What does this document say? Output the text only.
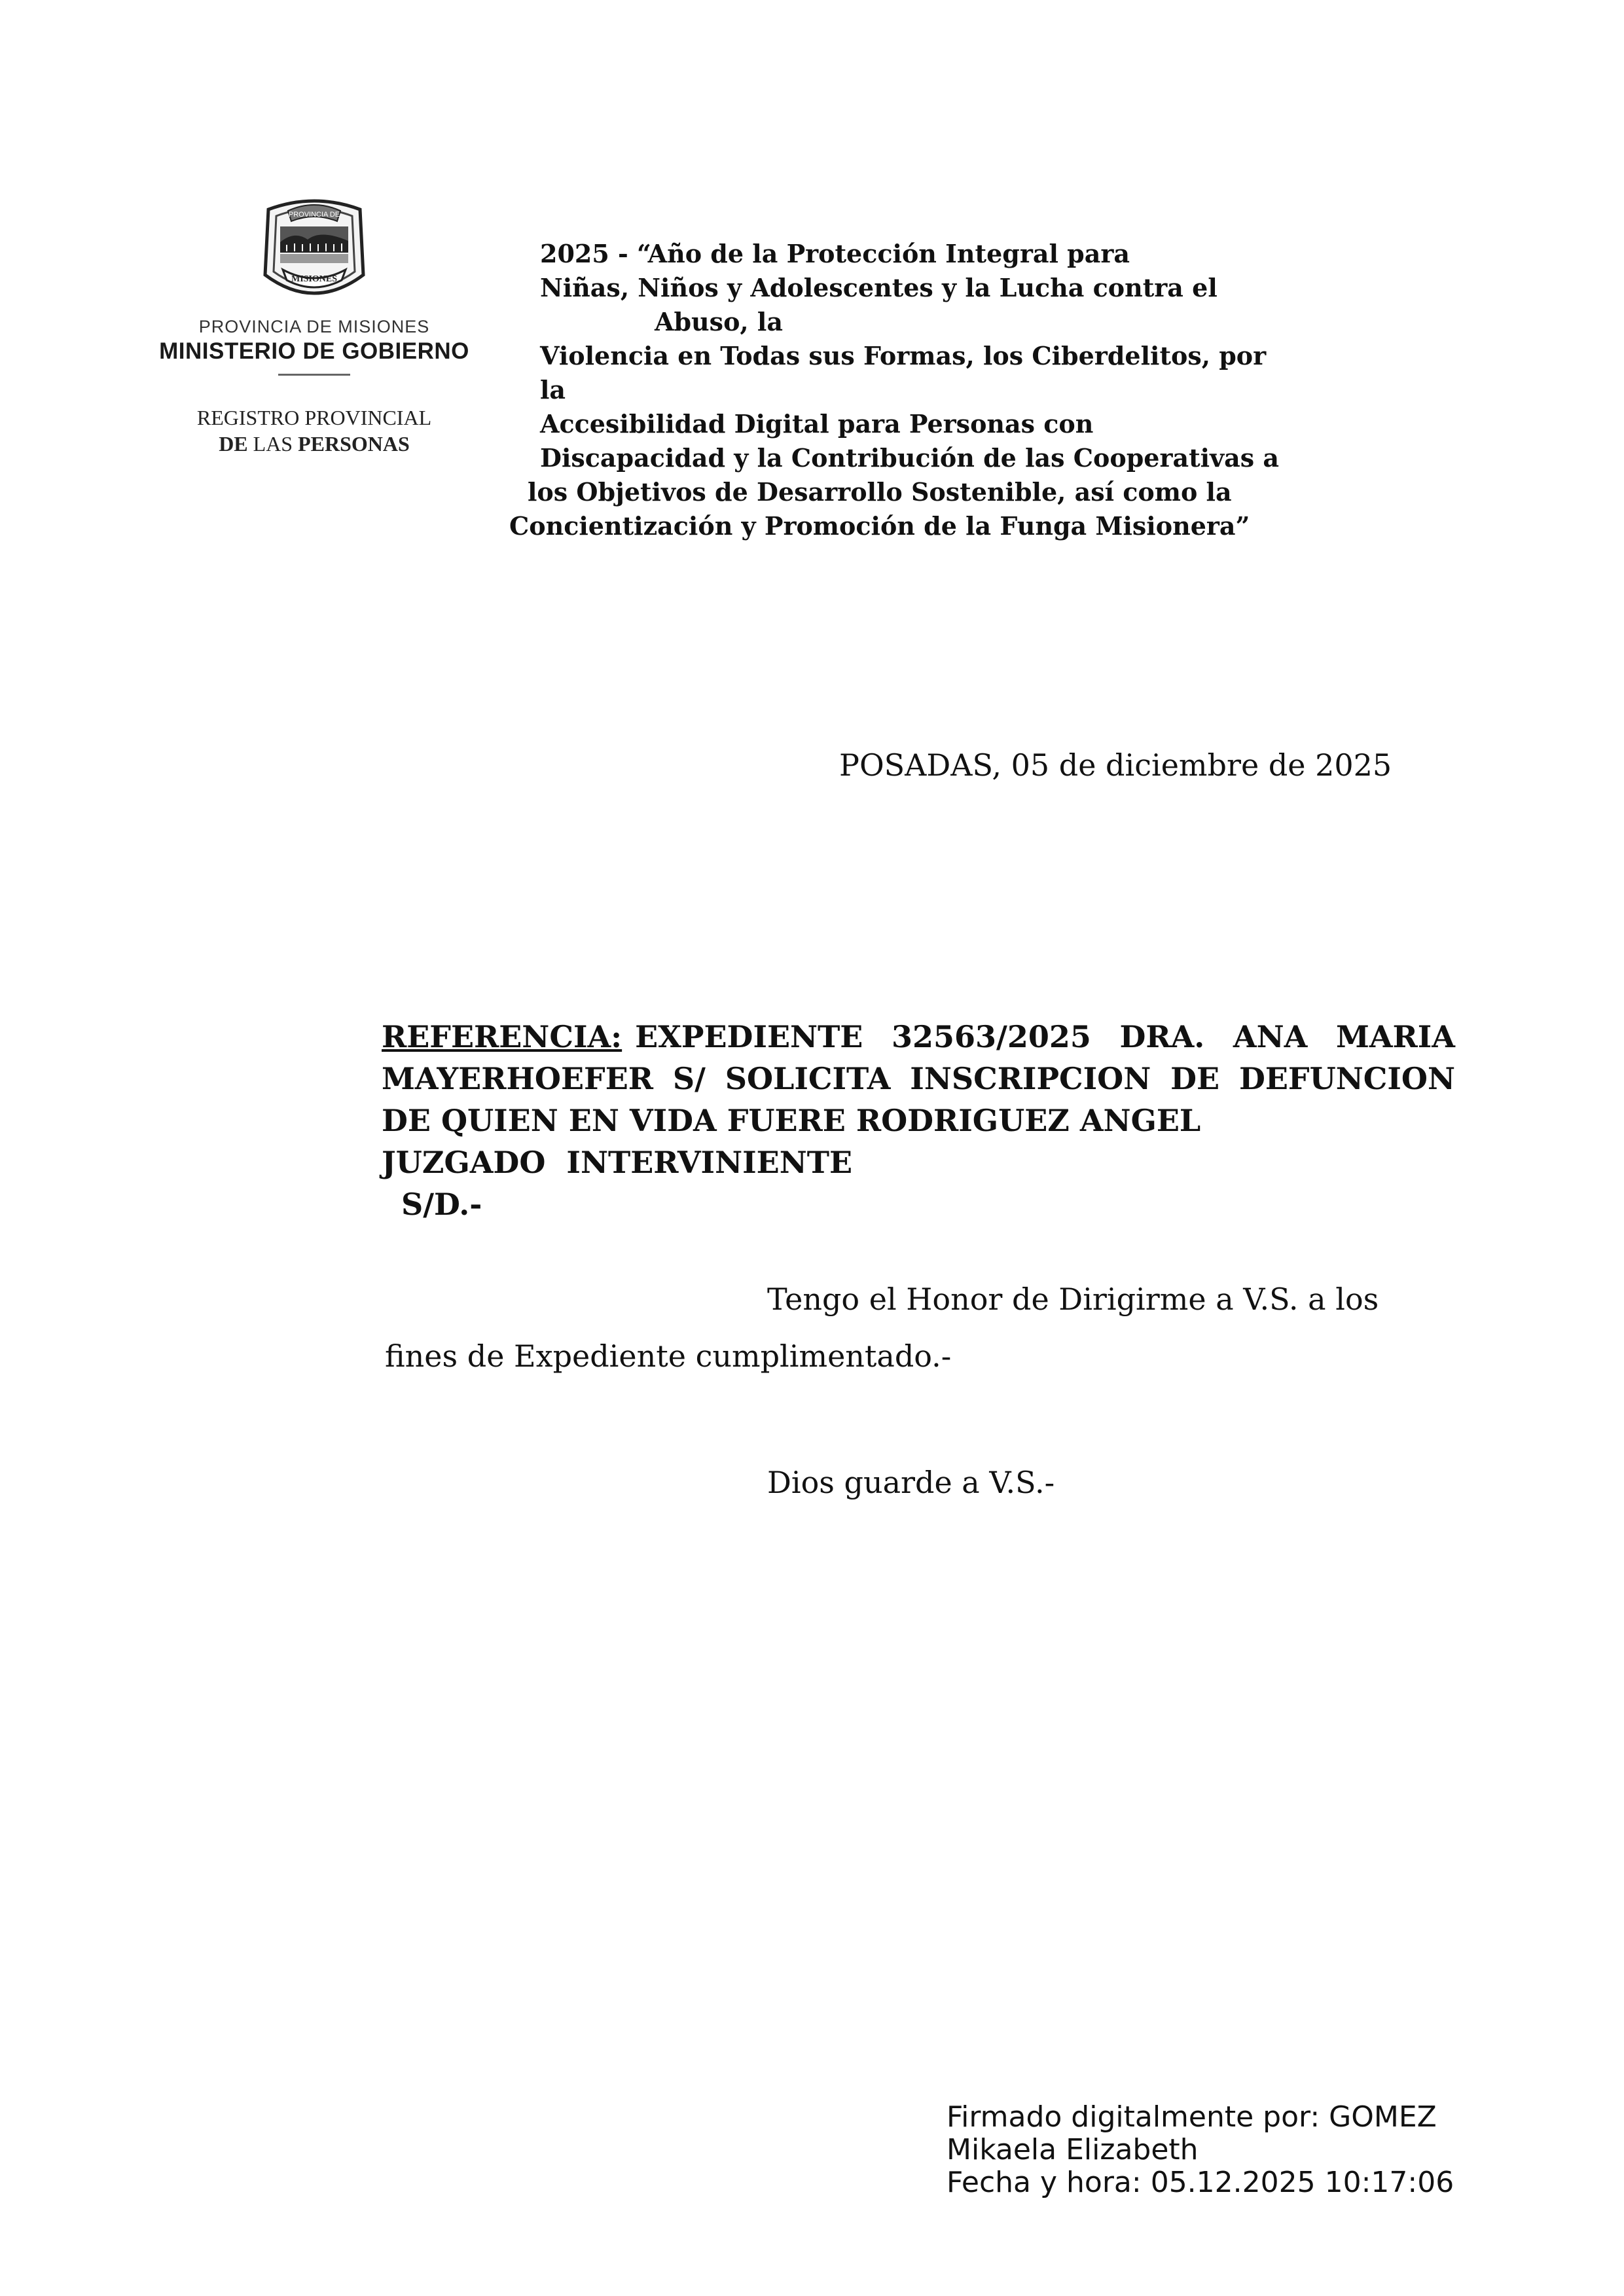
PROVINCIA DE
MISIONES
PROVINCIA DE MISIONES
MINISTERIO DE GOBIERNO
REGISTRO PROVINCIAL
DE LAS PERSONAS
2025 - “Año de la Protección Integral para
Niñas, Niños y Adolescentes y la Lucha contra el
Abuso, la
Violencia en Todas sus Formas, los Ciberdelitos, por
la
Accesibilidad Digital para Personas con
Discapacidad y la Contribución de las Cooperativas a
los Objetivos de Desarrollo Sostenible, así como la
Concientización y Promoción de la Funga Misionera”
POSADAS, 05 de diciembre de 2025
REFERENCIA: EXPEDIENTE 32563/2025 DRA. ANA MARIA
MAYERHOEFER S/ SOLICITA INSCRIPCION DE DEFUNCION
DE QUIEN EN VIDA FUERE RODRIGUEZ ANGEL
JUZGADO  INTERVINIENTE
S/D.-
Tengo el Honor de Dirigirme a V.S. a los
fines de Expediente cumplimentado.-
Dios guarde a V.S.-
Firmado digitalmente por: GOMEZ
Mikaela Elizabeth
Fecha y hora: 05.12.2025 10:17:06
